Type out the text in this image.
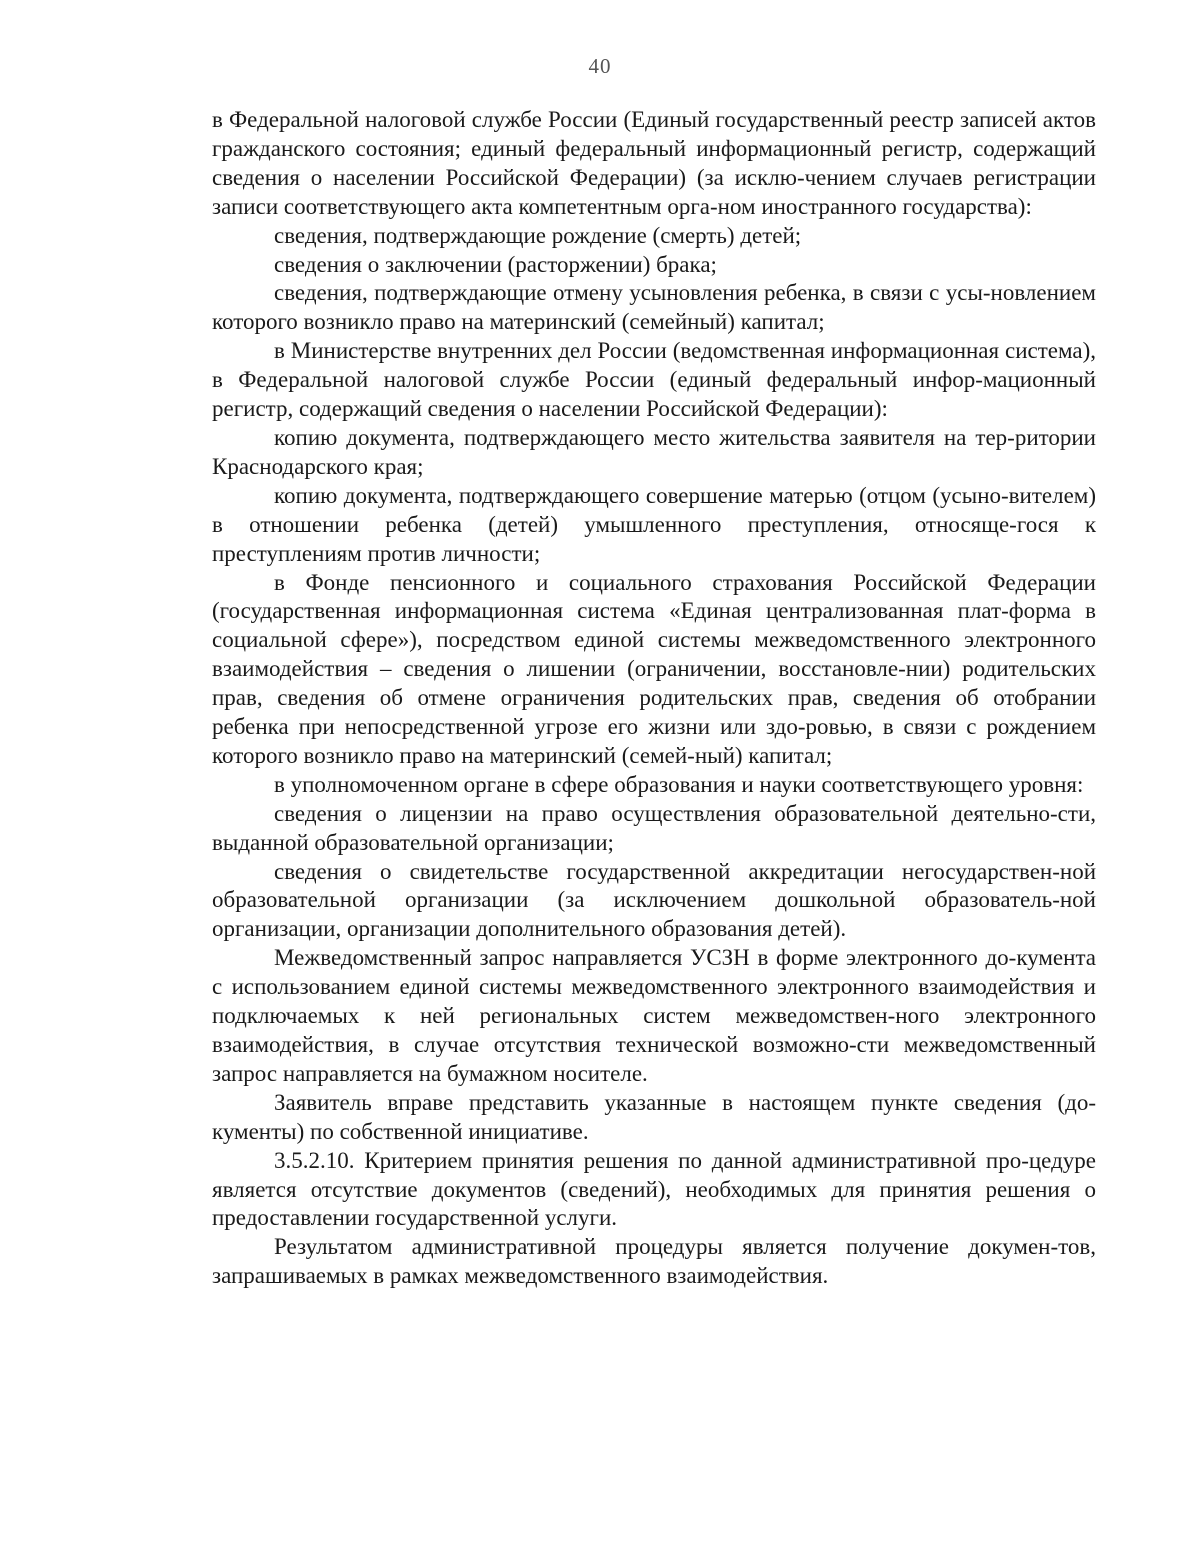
40

в Федеральной налоговой службе России (Единый государственный реестр записей актов гражданского состояния; единый федеральный информационный регистр, содержащий сведения о населении Российской Федерации) (за исклю-чением случаев регистрации записи соответствующего акта компетентным орга-ном иностранного государства):

сведения, подтверждающие рождение (смерть) детей;

сведения о заключении (расторжении) брака;

сведения, подтверждающие отмену усыновления ребенка, в связи с усы-новлением которого возникло право на материнский (семейный) капитал;

в Министерстве внутренних дел России (ведомственная информационная система), в Федеральной налоговой службе России (единый федеральный инфор-мационный регистр, содержащий сведения о населении Российской Федерации):

копию документа, подтверждающего место жительства заявителя на тер-ритории Краснодарского края;

копию документа, подтверждающего совершение матерью (отцом (усыно-вителем) в отношении ребенка (детей) умышленного преступления, относяще-гося к преступлениям против личности;

в Фонде пенсионного и социального страхования Российской Федерации (государственная информационная система «Единая централизованная плат-форма в социальной сфере»), посредством единой системы межведомственного электронного взаимодействия – сведения о лишении (ограничении, восстановле-нии) родительских прав, сведения об отмене ограничения родительских прав, сведения об отобрании ребенка при непосредственной угрозе его жизни или здо-ровью, в связи с рождением которого возникло право на материнский (семей-ный) капитал;

в уполномоченном органе в сфере образования и науки соответствующего уровня:

сведения о лицензии на право осуществления образовательной деятельно-сти, выданной образовательной организации;

сведения о свидетельстве государственной аккредитации негосударствен-ной образовательной организации (за исключением дошкольной образователь-ной организации, организации дополнительного образования детей).

Межведомственный запрос направляется УСЗН в форме электронного до-кумента с использованием единой системы межведомственного электронного взаимодействия и подключаемых к ней региональных систем межведомствен-ного электронного взаимодействия, в случае отсутствия технической возможно-сти межведомственный запрос направляется на бумажном носителе.

Заявитель вправе представить указанные в настоящем пункте сведения (до-кументы) по собственной инициативе.

3.5.2.10. Критерием принятия решения по данной административной про-цедуре является отсутствие документов (сведений), необходимых для принятия решения о предоставлении государственной услуги.

Результатом административной процедуры является получение докумен-тов, запрашиваемых в рамках межведомственного взаимодействия.
